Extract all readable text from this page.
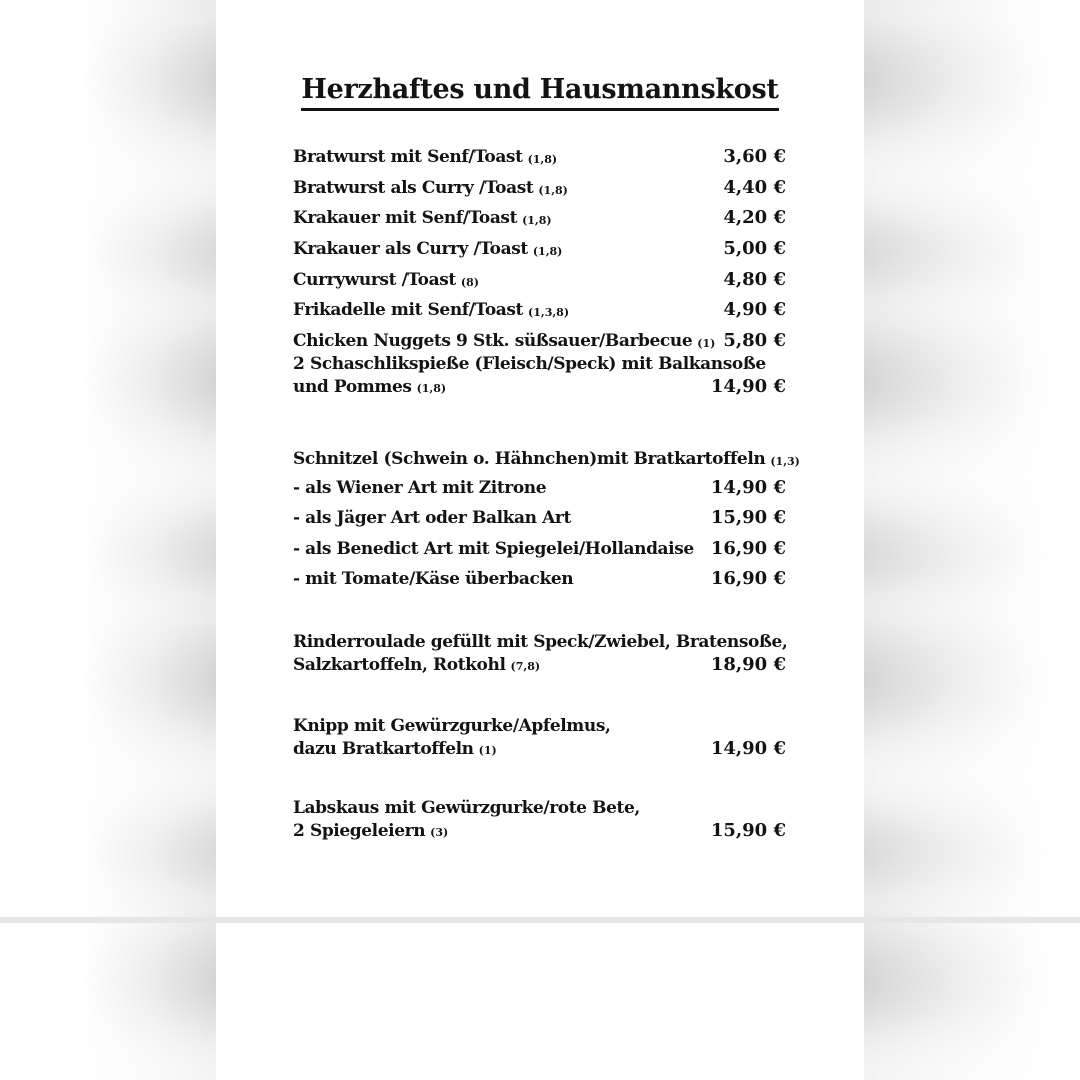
Herzhaftes und Hausmannskost
Bratwurst mit Senf/Toast (1,8)	3,60 €
Bratwurst als Curry /Toast (1,8)	4,40 €
Krakauer mit Senf/Toast (1,8)	4,20 €
Krakauer als Curry /Toast (1,8)	5,00 €
Currywurst /Toast (8)	4,80 €
Frikadelle mit Senf/Toast (1,3,8)	4,90 €
Chicken Nuggets 9 Stk. süßsauer/Barbecue (1) 5,80 €
2 Schaschlikspieße (Fleisch/Speck) mit Balkansoße
und Pommes (1,8)	14,90 €
Schnitzel (Schwein o. Hähnchen)mit Bratkartoffeln (1,3)
- als Wiener Art mit Zitrone	14,90 €
- als Jäger Art oder Balkan Art	15,90 €
- als Benedict Art mit Spiegelei/Hollandaise 16,90 €
- mit Tomate/Käse überbacken	16,90 €
Rinderroulade gefüllt mit Speck/Zwiebel, Bratensoße,
Salzkartoffeln, Rotkohl (7,8)	18,90 €
Knipp mit Gewürzgurke/Apfelmus,
dazu Bratkartoffeln (1)	14,90 €
Labskaus mit Gewürzgurke/rote Bete,
2 Spiegeleiern (3)	15,90 €
